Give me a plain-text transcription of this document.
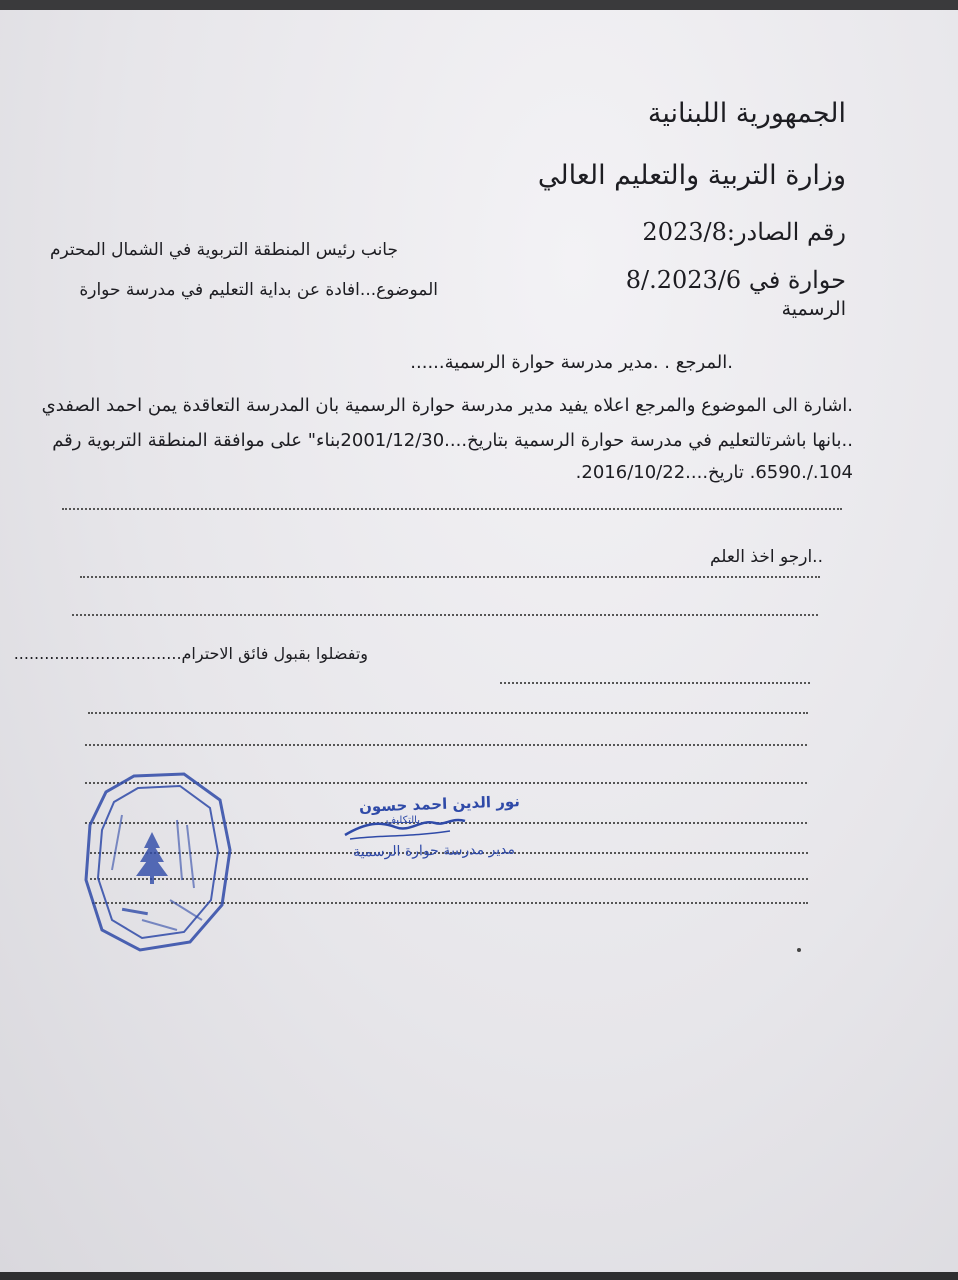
الجمهورية اللبنانية
وزارة التربية والتعليم العالي
رقم الصادر:2023/8
حوارة في 2023/6./8
الرسمية
جانب رئيس المنطقة التربوية في الشمال المحترم
الموضوع...افادة عن بداية التعليم في مدرسة حوارة
.المرجع . .مدير مدرسة حوارة الرسمية......
.اشارة الى الموضوع والمرجع اعلاه يفيد مدير مدرسة حوارة الرسمية بان المدرسة التعاقدة يمن احمد الصفدي
..بانها باشرتالتعليم في مدرسة حوارة الرسمية بتاريخ....2001/12/30بناء" على موافقة المنطقة التربوية رقم
104./.6590. تاريخ....2016/10/22.
..ارجو اخذ العلم
وتفضلوا بقبول فائق الاحترام.................................
نور الدين احمد حسون
بالتكليف
مدير مدرسة حوارة الرسمية
